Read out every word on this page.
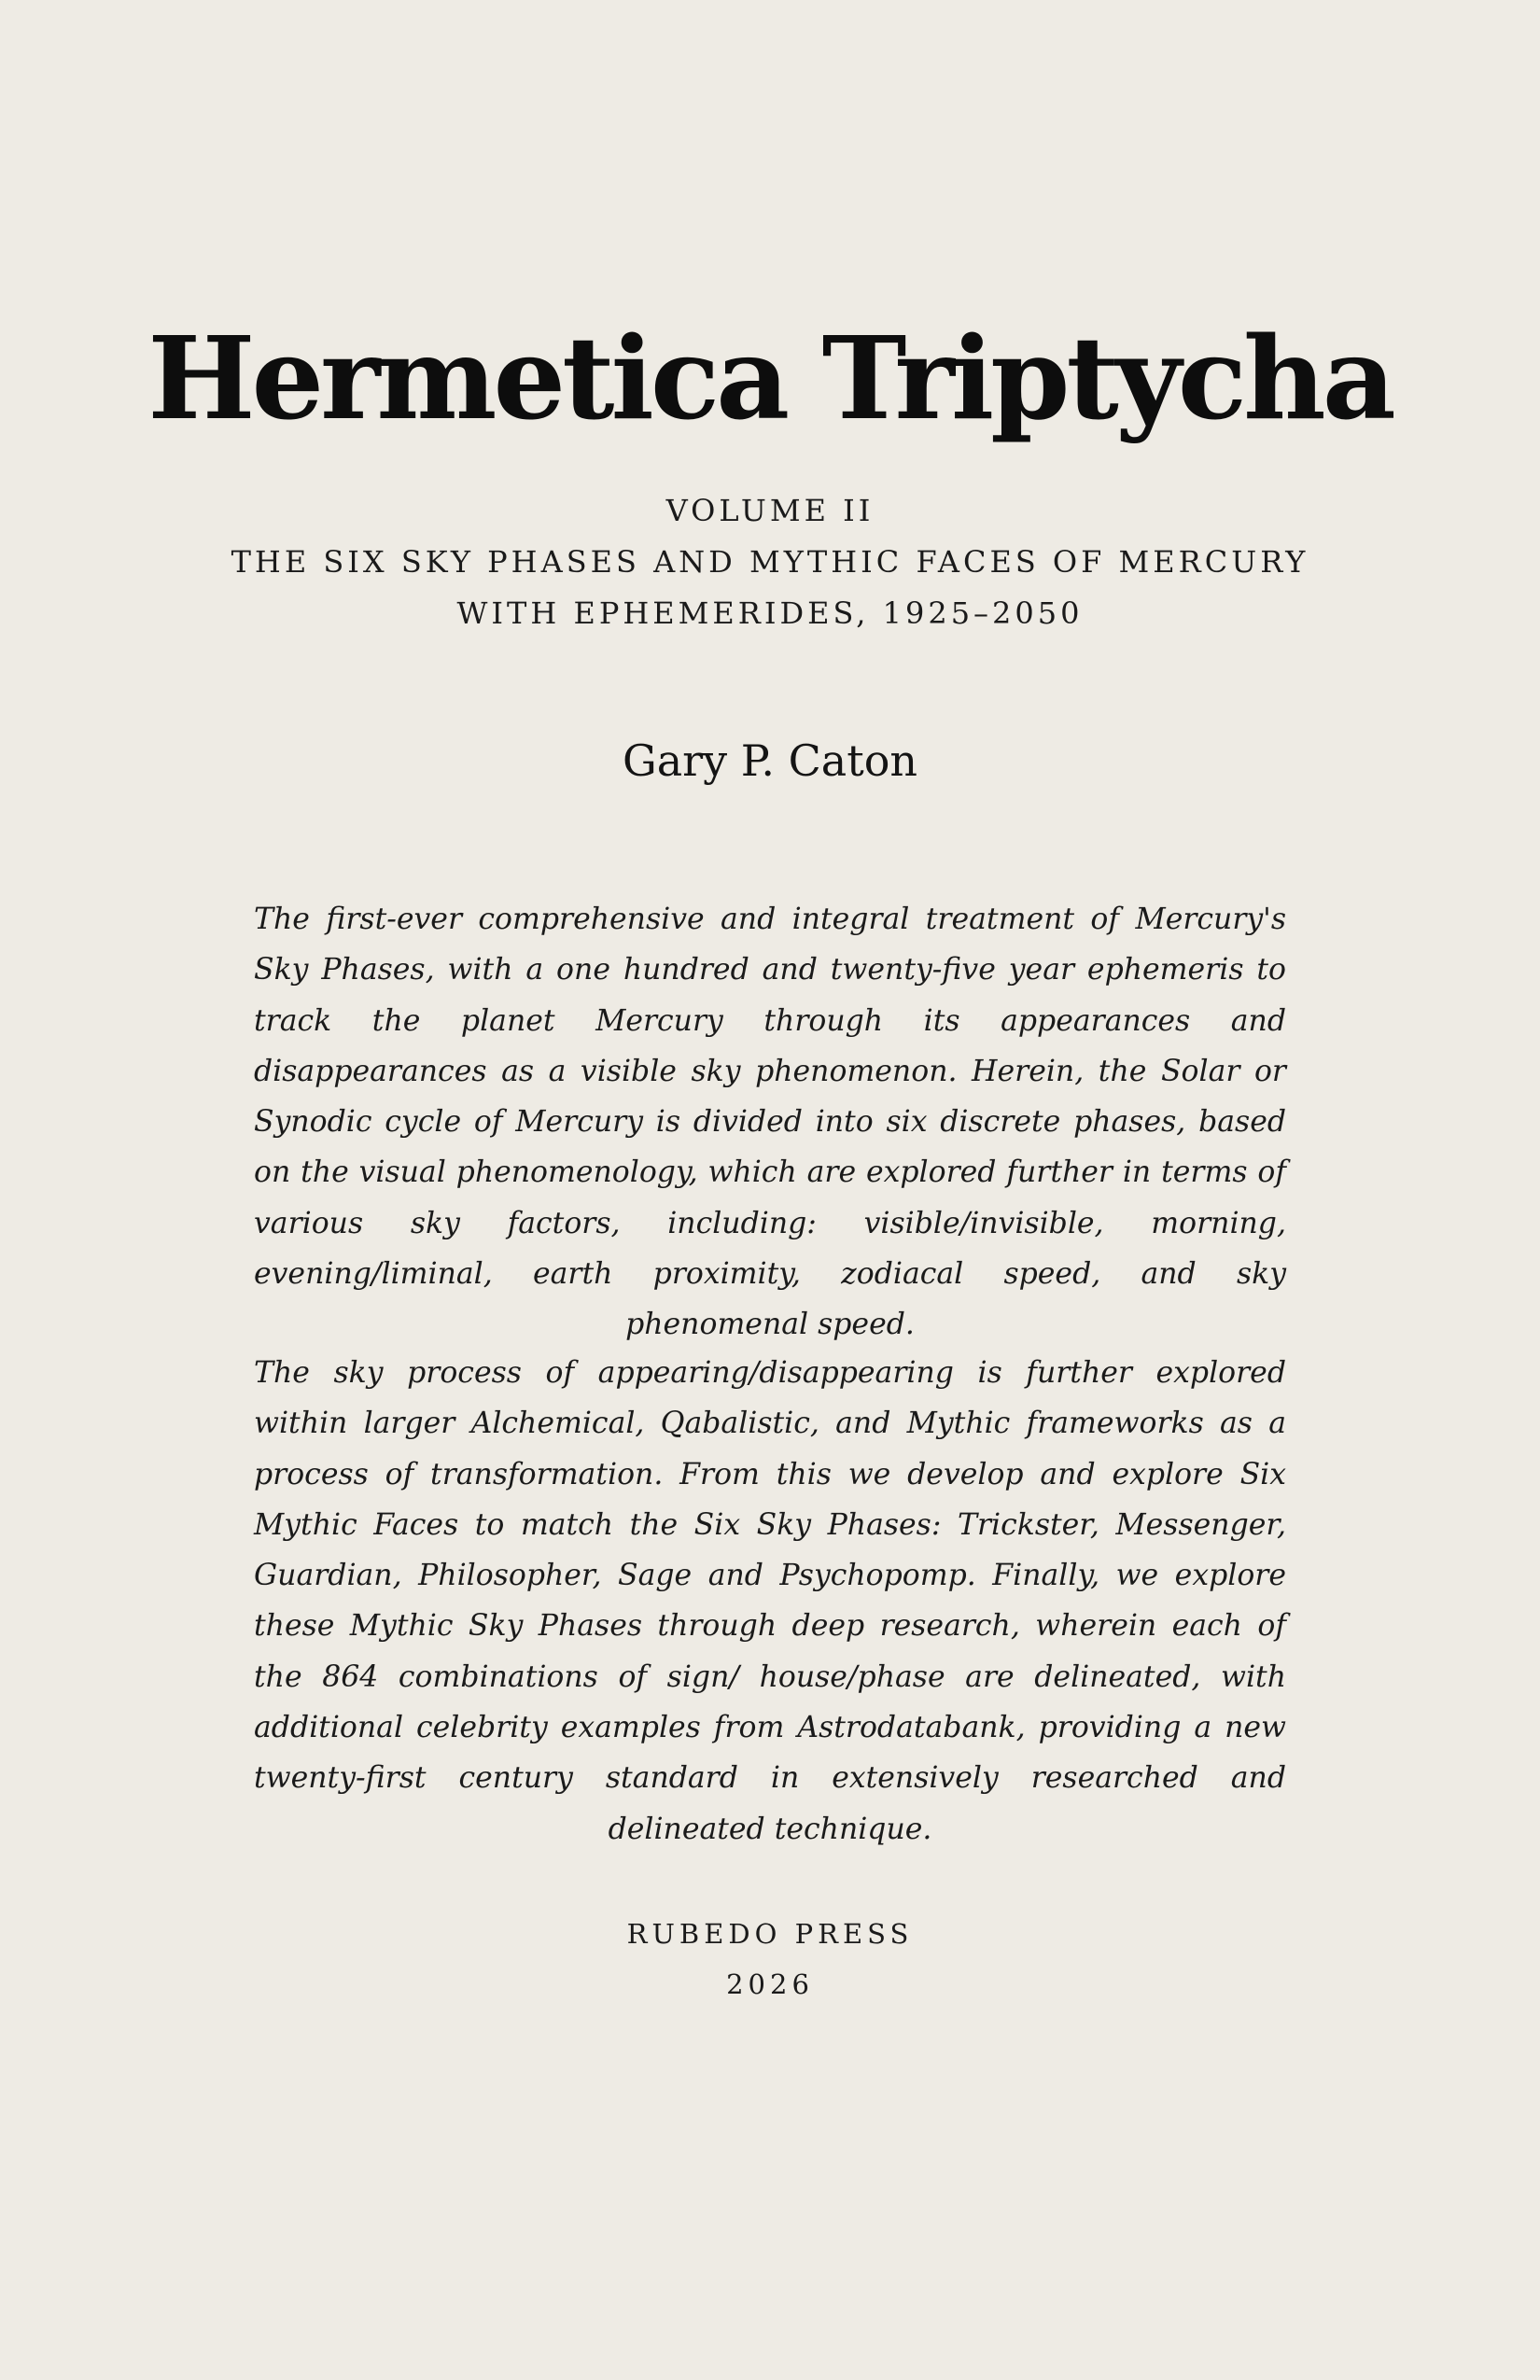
Hermetica Triptycha
VOLUME II
THE SIX SKY PHASES AND MYTHIC FACES OF MERCURY
WITH EPHEMERIDES, 1925–2050
Gary P. Caton

The first-ever comprehensive and integral treatment of Mercury's Sky Phases, with a one hundred and twenty-five year ephemeris to track the planet Mercury through its appearances and disappearances as a visible sky phenomenon. Herein, the Solar or Synodic cycle of Mercury is divided into six discrete phases, based on the visual phenomenology, which are explored further in terms of various sky factors, including: visible/invisible, morning, evening/liminal, earth proximity, zodiacal speed, and sky phenomenal speed.

The sky process of appearing/disappearing is further explored within larger Alchemical, Qabalistic, and Mythic frameworks as a process of transformation. From this we develop and explore Six Mythic Faces to match the Six Sky Phases: Trickster, Messenger, Guardian, Philosopher, Sage and Psychopomp. Finally, we explore these Mythic Sky Phases through deep research, wherein each of the 864 combinations of sign/ house/phase are delineated, with additional celebrity examples from Astrodatabank, providing a new twenty-first century standard in extensively researched and delineated technique.

RUBEDO PRESS
2026
